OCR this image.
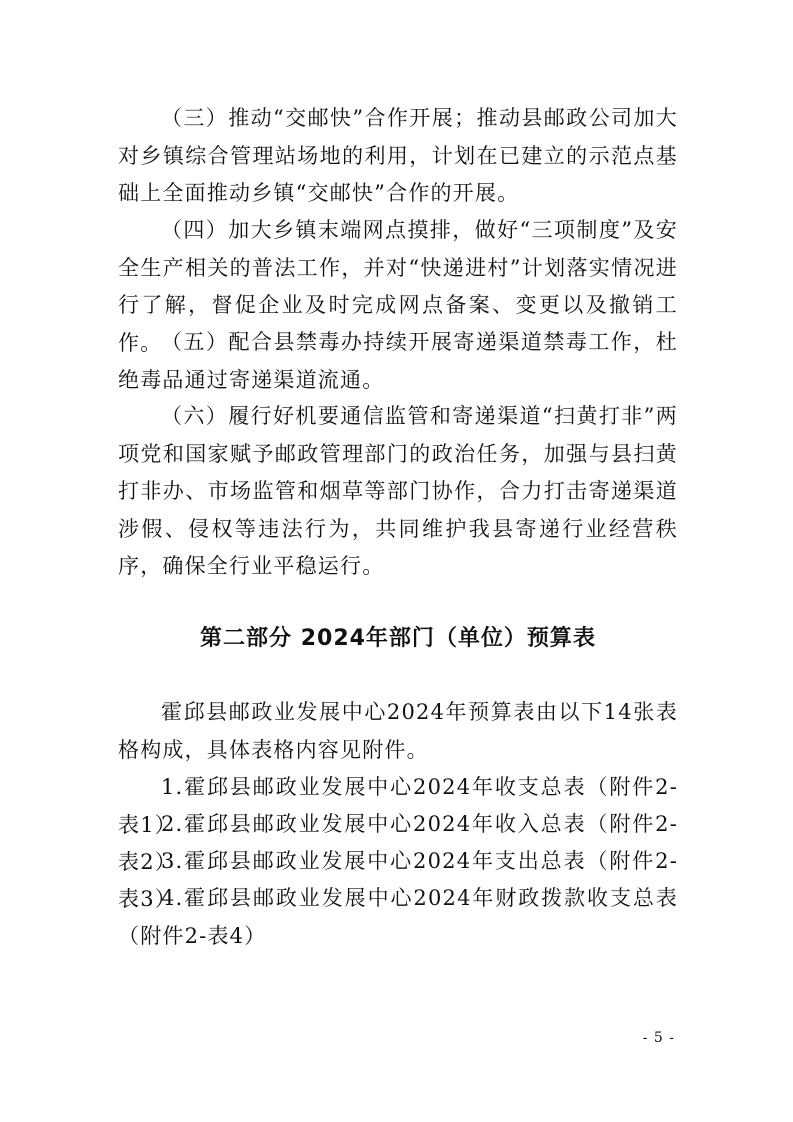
（三）推动“交邮快”合作开展；推动县邮政公司加大对乡镇综合管理站场地的利用，计划在已建立的示范点基础上全面推动乡镇“交邮快”合作的开展。

（四）加大乡镇末端网点摸排，做好“三项制度”及安全生产相关的普法工作，并对“快递进村”计划落实情况进行了解，督促企业及时完成网点备案、变更以及撤销工作。

（五）配合县禁毒办持续开展寄递渠道禁毒工作，杜绝毒品通过寄递渠道流通。

（六）履行好机要通信监管和寄递渠道“扫黄打非”两项党和国家赋予邮政管理部门的政治任务，加强与县扫黄打非办、市场监管和烟草等部门协作，合力打击寄递渠道涉假、侵权等违法行为，共同维护我县寄递行业经营秩序，确保全行业平稳运行。

第二部分 2024年部门（单位）预算表

霍邱县邮政业发展中心2024年预算表由以下14张表格构成，具体表格内容见附件。

1.霍邱县邮政业发展中心2024年收支总表（附件2-表1）

2.霍邱县邮政业发展中心2024年收入总表（附件2-表2）

3.霍邱县邮政业发展中心2024年支出总表（附件2-表3）

4.霍邱县邮政业发展中心2024年财政拨款收支总表（附件2-表4）

- 5 -
